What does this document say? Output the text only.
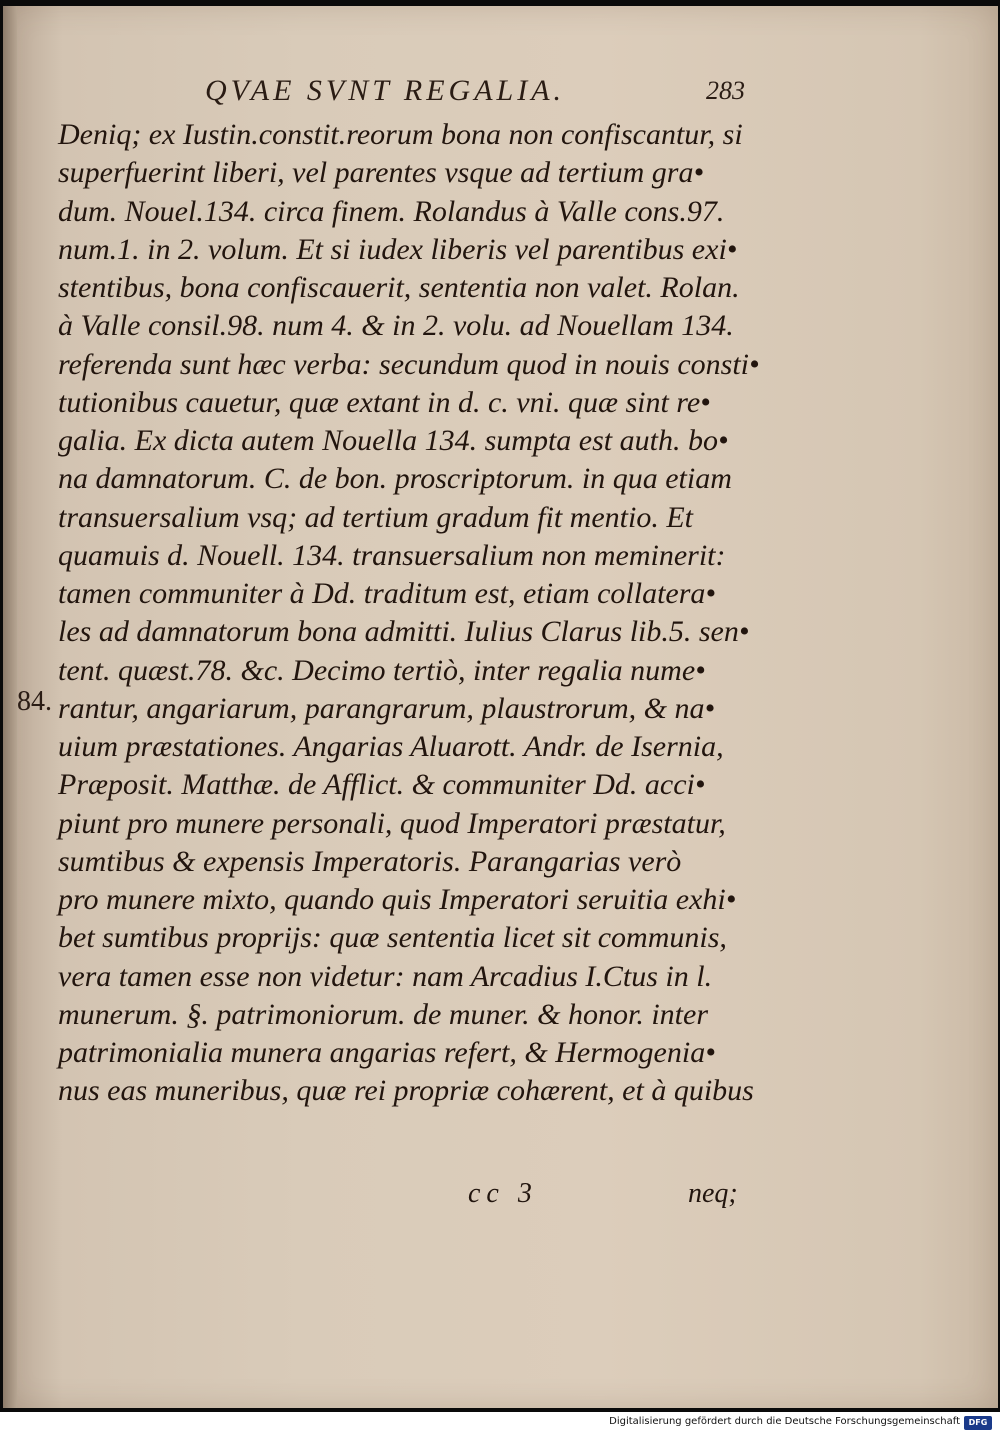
QVAE SVNT REGALIA.	283
84.
Deniq; ex Iustin.constit.reorum bona non confiscantur, si
superfuerint liberi, vel parentes vsque ad tertium gra•
dum. Nouel.134. circa finem. Rolandus à Valle cons.97.
num.1. in 2. volum. Et si iudex liberis vel parentibus exi•
stentibus, bona confiscauerit, sententia non valet. Rolan.
à Valle consil.98. num 4. & in 2. volu. ad Nouellam 134.
referenda sunt hæc verba: secundum quod in nouis consti•
tutionibus cauetur, quæ extant in d. c. vni. quæ sint re•
galia. Ex dicta autem Nouella 134. sumpta est auth. bo•
na damnatorum. C. de bon. proscriptorum. in qua etiam
transuersalium vsq; ad tertium gradum fit mentio. Et
quamuis d. Nouell. 134. transuersalium non meminerit:
tamen communiter à Dd. traditum est, etiam collatera•
les ad damnatorum bona admitti. Iulius Clarus lib.5. sen•
tent. quæst.78. &c. Decimo tertiò, inter regalia nume•
rantur, angariarum, parangrarum, plaustrorum, & na•
uium præstationes. Angarias Aluarott. Andr. de Isernia,
Præposit. Matthæ. de Afflict. & communiter Dd. acci•
piunt pro munere personali, quod Imperatori præstatur,
sumtibus & expensis Imperatoris. Parangarias verò
pro munere mixto, quando quis Imperatori seruitia exhi•
bet sumtibus proprijs: quæ sententia licet sit communis,
vera tamen esse non videtur: nam Arcadius I.Ctus in l.
munerum. §. patrimoniorum. de muner. & honor. inter
patrimonialia munera angarias refert, & Hermogenia•
nus eas muneribus, quæ rei propriæ cohærent, et à quibus
cc 3	neq;
Digitalisierung gefördert durch die Deutsche Forschungsgemeinschaft	DFG
